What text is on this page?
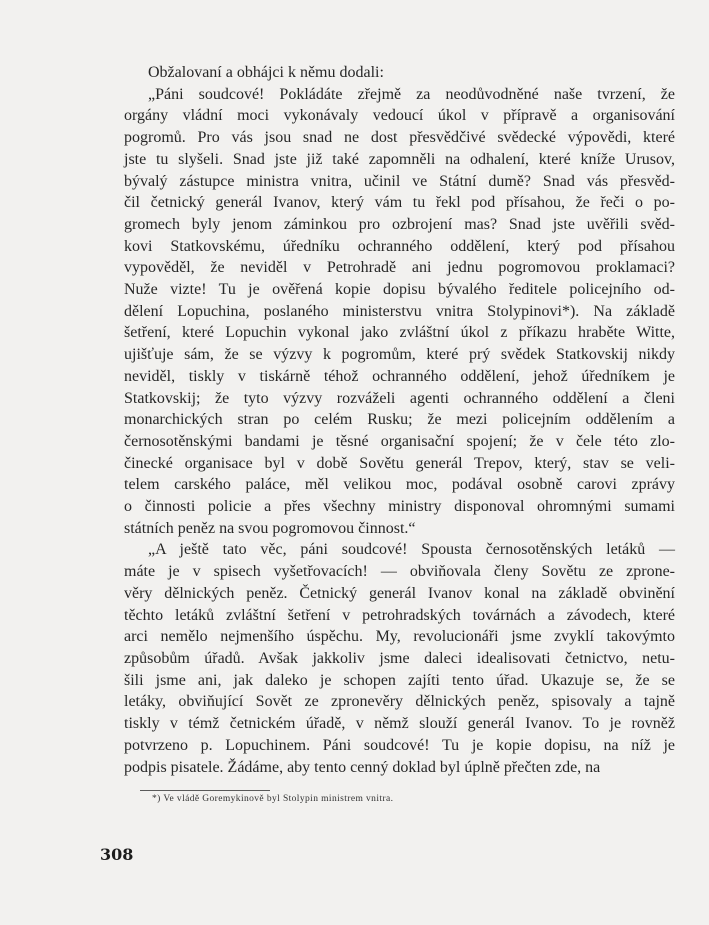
Obžalovaní a obhájci k němu dodali:

„Páni soudcové! Pokládáte zřejmě za neodůvodněné naše tvrzení, že
orgány vládní moci vykonávaly vedoucí úkol v přípravě a organisování
pogromů. Pro vás jsou snad ne dost přesvědčivé svědecké výpovědi, které
jste tu slyšeli. Snad jste již také zapomněli na odhalení, které kníže Urusov,
bývalý zástupce ministra vnitra, učinil ve Státní dumě? Snad vás přesvěd-
čil četnický generál Ivanov, který vám tu řekl pod přísahou, že řeči o po-
gromech byly jenom záminkou pro ozbrojení mas? Snad jste uvěřili svěd-
kovi Statkovskému, úředníku ochranného oddělení, který pod přísahou
vypověděl, že neviděl v Petrohradě ani jednu pogromovou proklamaci?
Nuže vizte! Tu je ověřená kopie dopisu bývalého ředitele policejního od-
dělení Lopuchina, poslaného ministerstvu vnitra Stolypinovi*). Na základě
šetření, které Lopuchin vykonal jako zvláštní úkol z příkazu hraběte Witte,
ujišťuje sám, že se výzvy k pogromům, které prý svědek Statkovskij nikdy
neviděl, tiskly v tiskárně téhož ochranného oddělení, jehož úředníkem je
Statkovskij; že tyto výzvy rozváželi agenti ochranného oddělení a členi
monarchických stran po celém Rusku; že mezi policejním oddělením a
černosotěnskými bandami je těsné organisační spojení; že v čele této zlo-
činecké organisace byl v době Sovětu generál Trepov, který, stav se veli-
telem carského paláce, měl velikou moc, podával osobně carovi zprávy
o činnosti policie a přes všechny ministry disponoval ohromnými sumami
státních peněz na svou pogromovou činnost.“

„A ještě tato věc, páni soudcové! Spousta černosotěnských letáků —
máte je v spisech vyšetřovacích! — obviňovala členy Sovětu ze zprone-
věry dělnických peněz. Četnický generál Ivanov konal na základě obvinění
těchto letáků zvláštní šetření v petrohradských továrnách a závodech, které
arci nemělo nejmenšího úspěchu. My, revolucionáři jsme zvyklí takovýmto
způsobům úřadů. Avšak jakkoliv jsme daleci idealisovati četnictvo, netu-
šili jsme ani, jak daleko je schopen zajíti tento úřad. Ukazuje se, že se
letáky, obviňující Sovět ze zpronevěry dělnických peněz, spisovaly a tajně
tiskly v témž četnickém úřadě, v němž slouží generál Ivanov. To je rovněž
potvrzeno p. Lopuchinem. Páni soudcové! Tu je kopie dopisu, na níž je
podpis pisatele. Žádáme, aby tento cenný doklad byl úplně přečten zde, na

*) Ve vládě Goremykinově byl Stolypin ministrem vnitra.
308
